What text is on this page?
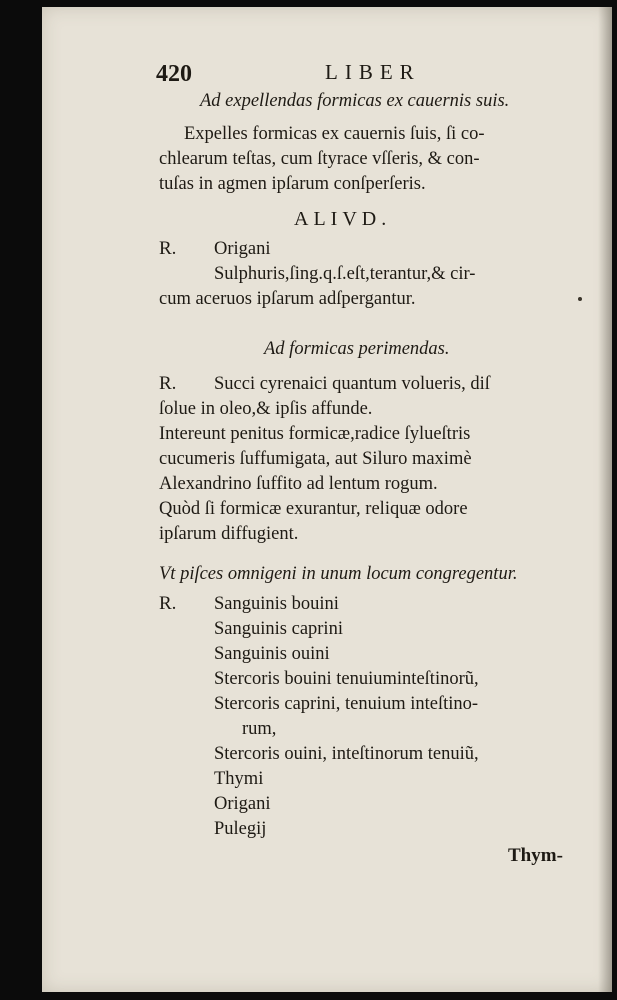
420	LIBER
Ad expellendas formicas ex cauernis suis.
Expelles formicas ex cauernis ſuis, ſi co-
chlearum teſtas, cum ſtyrace vſſeris, & con-
tuſas in agmen ipſarum conſperſeris.
ALIVD.
R. Origani
Sulphuris,ſing.q.ſ.eſt,terantur,& cir-
cum aceruos ipſarum adſpergantur.
Ad formicas perimendas.
R. Succi cyrenaici quantum volueris, diſ
ſolue in oleo,& ipſis affunde.
Intereunt penitus formicæ,radice ſylueſtris
cucumeris ſuffumigata, aut Siluro maximè
Alexandrino ſuffito ad lentum rogum.
Quòd ſi formicæ exurantur, reliquæ odore
ipſarum diffugient.
Vt piſces omnigeni in unum locum congregentur.
R. Sanguinis bouini
Sanguinis caprini
Sanguinis ouini
Stercoris bouini tenuiuminteſtinorũ,
Stercoris caprini, tenuium inteſtino-
rum,
Stercoris ouini, inteſtinorum tenuiũ,
Thymi
Origani
Pulegij
Thym-
